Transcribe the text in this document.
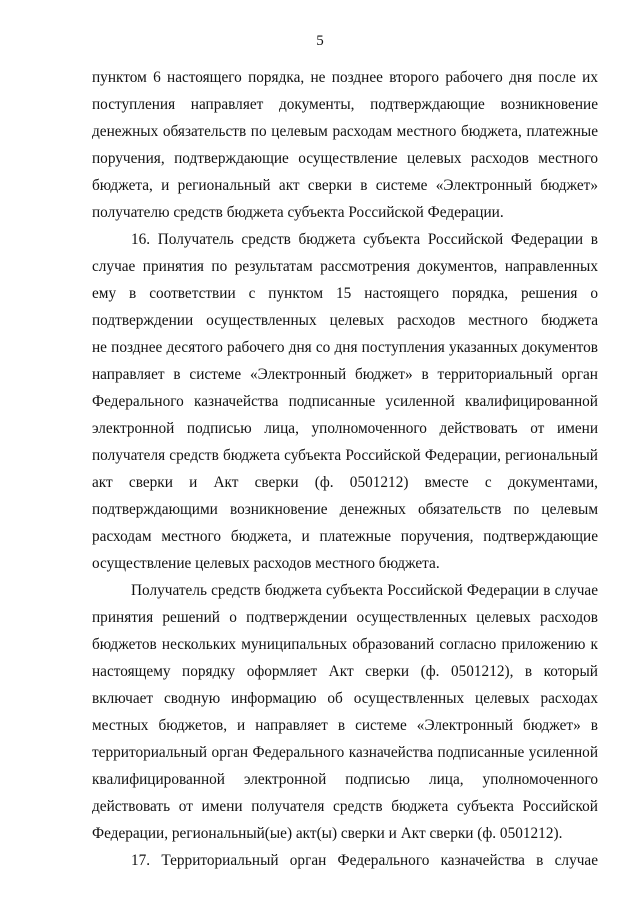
5
пунктом 6 настоящего порядка, не позднее второго рабочего дня после их
поступления направляет документы, подтверждающие возникновение
денежных обязательств по целевым расходам местного бюджета, платежные
поручения, подтверждающие осуществление целевых расходов местного
бюджета, и региональный акт сверки в системе «Электронный бюджет»
получателю средств бюджета субъекта Российской Федерации.
16. Получатель средств бюджета субъекта Российской Федерации в
случае принятия по результатам рассмотрения документов, направленных
ему в соответствии с пунктом 15 настоящего порядка, решения о
подтверждении осуществленных целевых расходов местного бюджета
не позднее десятого рабочего дня со дня поступления указанных документов
направляет в системе «Электронный бюджет» в территориальный орган
Федерального казначейства подписанные усиленной квалифицированной
электронной подписью лица, уполномоченного действовать от имени
получателя средств бюджета субъекта Российской Федерации, региональный
акт сверки и Акт сверки (ф. 0501212) вместе с документами,
подтверждающими возникновение денежных обязательств по целевым
расходам местного бюджета, и платежные поручения, подтверждающие
осуществление целевых расходов местного бюджета.
Получатель средств бюджета субъекта Российской Федерации в случае
принятия решений о подтверждении осуществленных целевых расходов
бюджетов нескольких муниципальных образований согласно приложению к
настоящему порядку оформляет Акт сверки (ф. 0501212), в который
включает сводную информацию об осуществленных целевых расходах
местных бюджетов, и направляет в системе «Электронный бюджет» в
территориальный орган Федерального казначейства подписанные усиленной
квалифицированной электронной подписью лица, уполномоченного
действовать от имени получателя средств бюджета субъекта Российской
Федерации, региональный(ые) акт(ы) сверки и Акт сверки (ф. 0501212).
17. Территориальный орган Федерального казначейства в случае
